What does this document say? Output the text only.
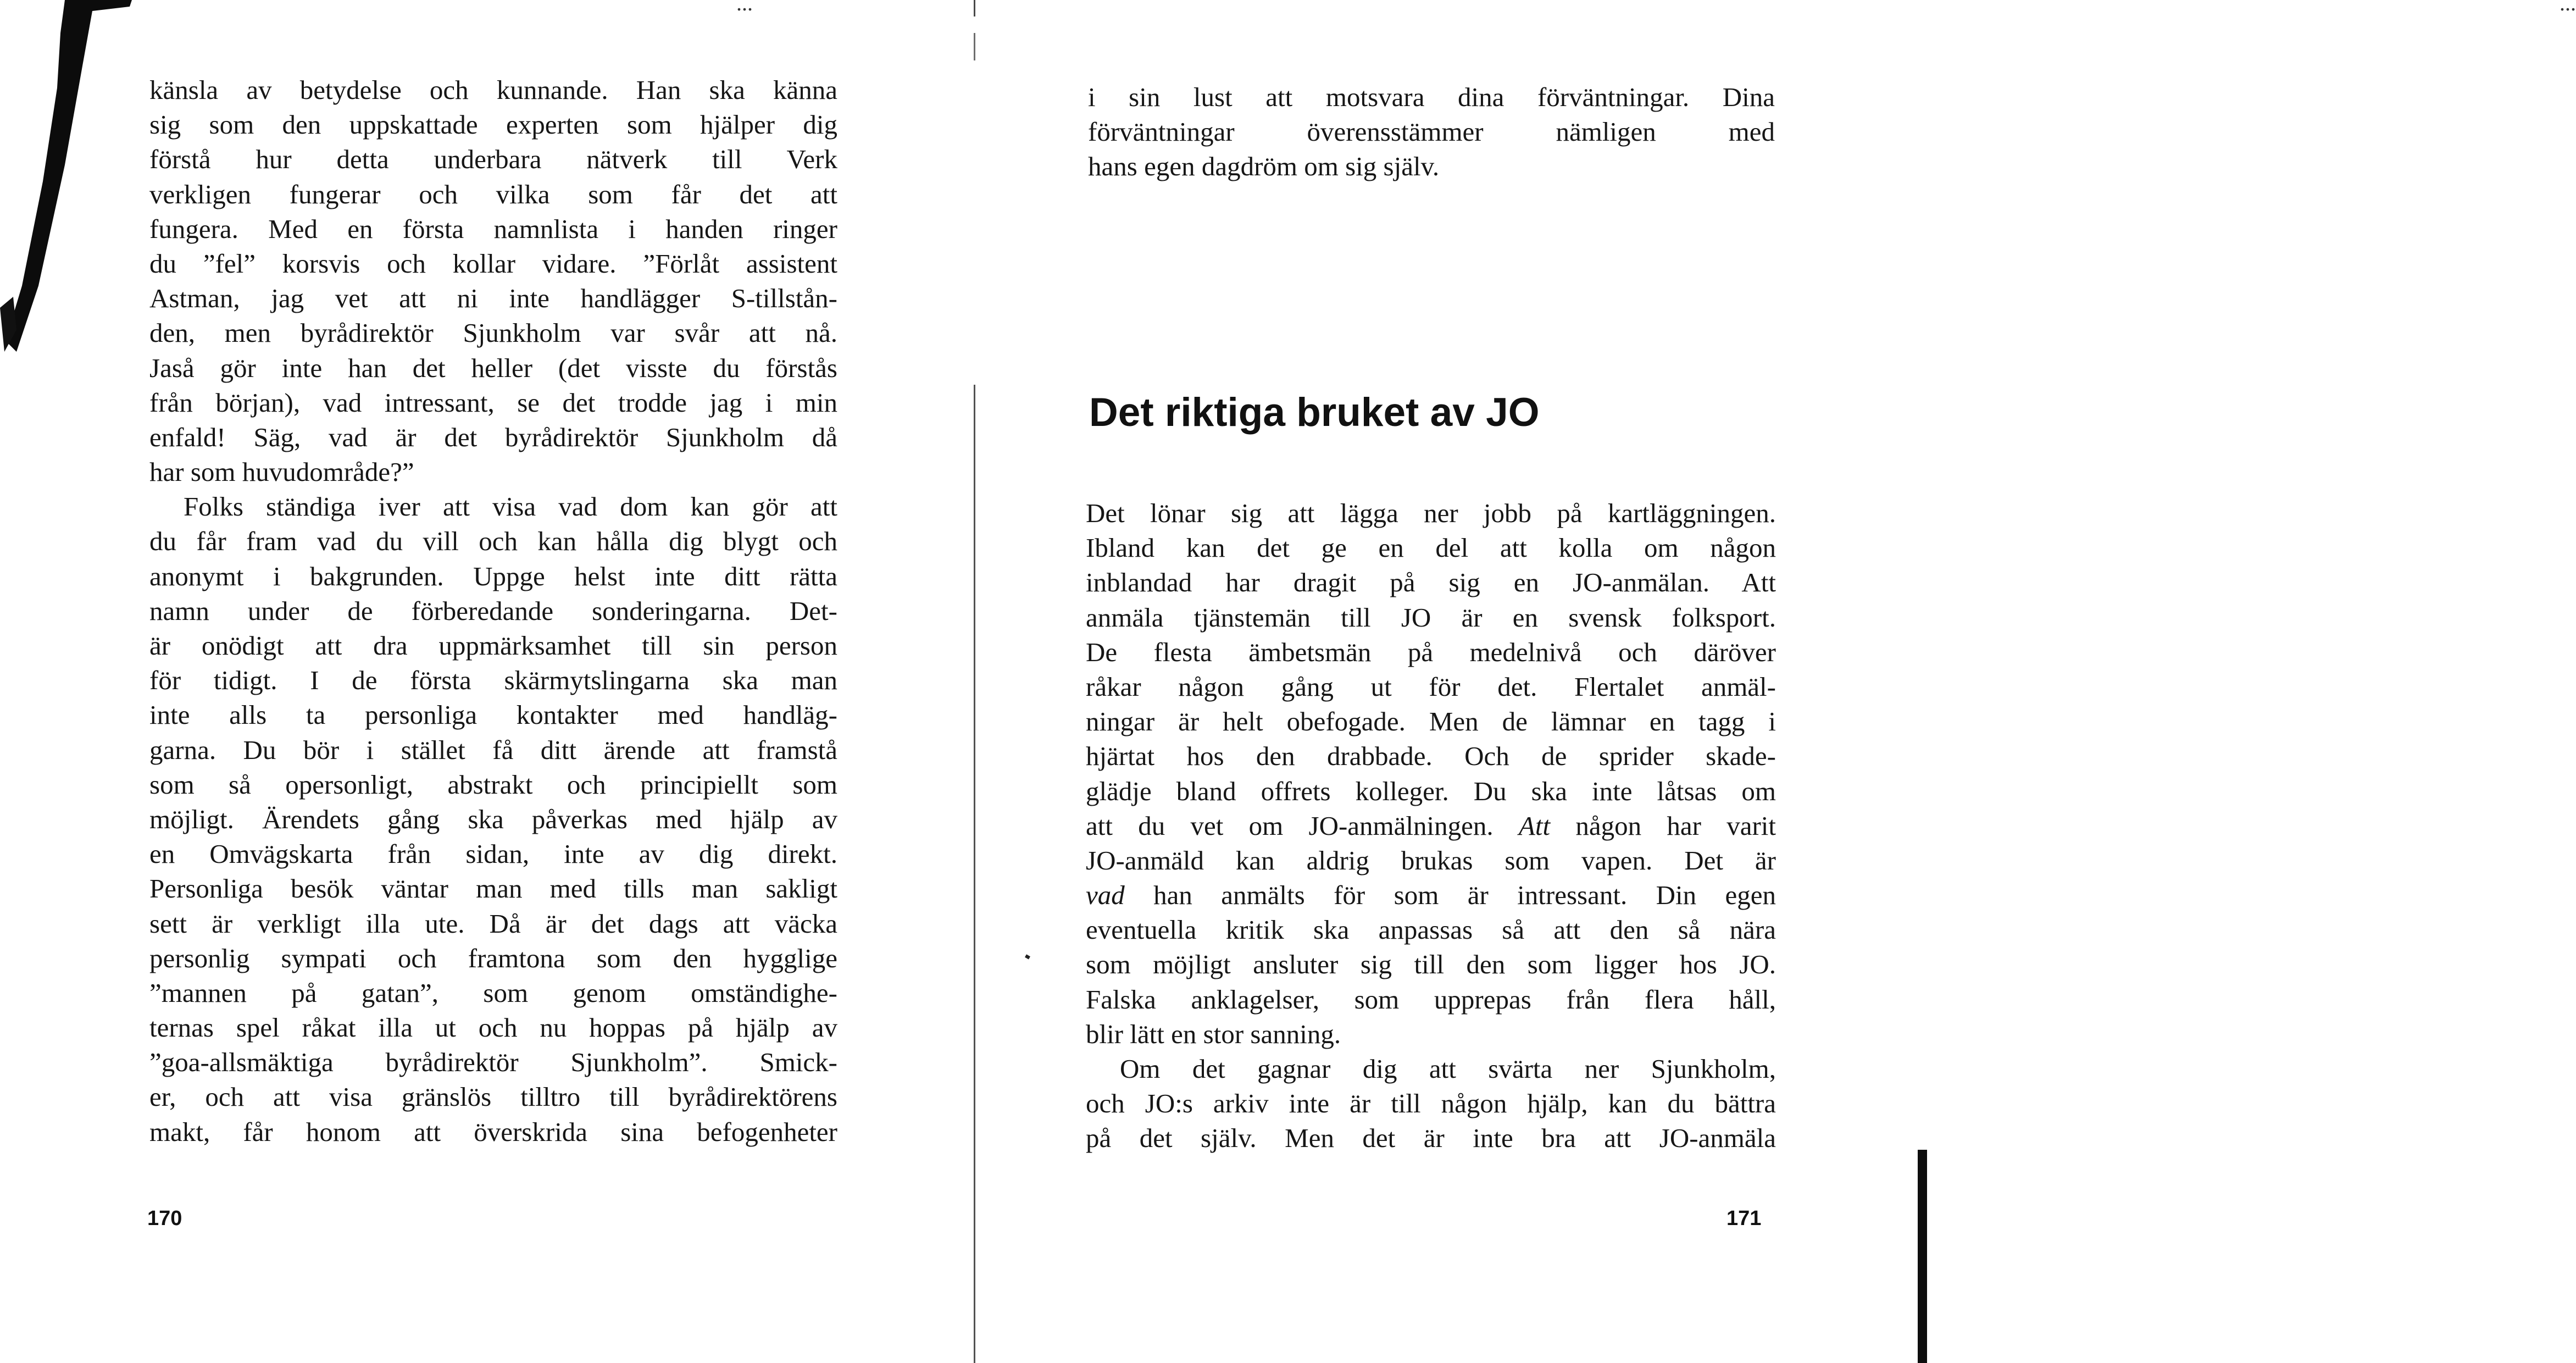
...
känsla av betydelse och kunnande. Han ska känna
sig som den uppskattade experten som hjälper dig
förstå hur detta underbara nätverk till Verk
verkligen fungerar och vilka som får det att
fungera. Med en första namnlista i handen ringer
du ”fel” korsvis och kollar vidare. ”Förlåt assistent
Astman, jag vet att ni inte handlägger S-tillstån-
den, men byrådirektör Sjunkholm var svår att nå.
Jaså gör inte han det heller (det visste du förstås
från början), vad intressant, se det trodde jag i min
enfald! Säg, vad är det byrådirektör Sjunkholm då
har som huvudområde?”
Folks ständiga iver att visa vad dom kan gör att
du får fram vad du vill och kan hålla dig blygt och
anonymt i bakgrunden. Uppge helst inte ditt rätta
namn under de förberedande sonderingarna. Det-
är onödigt att dra uppmärksamhet till sin person
för tidigt. I de första skärmytslingarna ska man
inte alls ta personliga kontakter med handläg-
garna. Du bör i stället få ditt ärende att framstå
som så opersonligt, abstrakt och principiellt som
möjligt. Ärendets gång ska påverkas med hjälp av
en Omvägskarta från sidan, inte av dig direkt.
Personliga besök väntar man med tills man sakligt
sett är verkligt illa ute. Då är det dags att väcka
personlig sympati och framtona som den hygglige
”mannen på gatan”, som genom omständighe-
ternas spel råkat illa ut och nu hoppas på hjälp av
”goa-allsmäktiga byrådirektör Sjunkholm”. Smick-
er, och att visa gränslös tilltro till byrådirektörens
makt, får honom att överskrida sina befogenheter
170
...
i sin lust att motsvara dina förväntningar. Dina
förväntningar överensstämmer nämligen med
hans egen dagdröm om sig själv.
Det riktiga bruket av JO
Det lönar sig att lägga ner jobb på kartläggningen.
Ibland kan det ge en del att kolla om någon
inblandad har dragit på sig en JO-anmälan. Att
anmäla tjänstemän till JO är en svensk folksport.
De flesta ämbetsmän på medelnivå och däröver
råkar någon gång ut för det. Flertalet anmäl-
ningar är helt obefogade. Men de lämnar en tagg i
hjärtat hos den drabbade. Och de sprider skade-
glädje bland offrets kolleger. Du ska inte låtsas om
att du vet om JO-anmälningen. Att någon har varit
JO-anmäld kan aldrig brukas som vapen. Det är
vad han anmälts för som är intressant. Din egen
eventuella kritik ska anpassas så att den så nära
som möjligt ansluter sig till den som ligger hos JO.
Falska anklagelser, som upprepas från flera håll,
blir lätt en stor sanning.
Om det gagnar dig att svärta ner Sjunkholm,
och JO:s arkiv inte är till någon hjälp, kan du bättra
på det själv. Men det är inte bra att JO-anmäla
171
